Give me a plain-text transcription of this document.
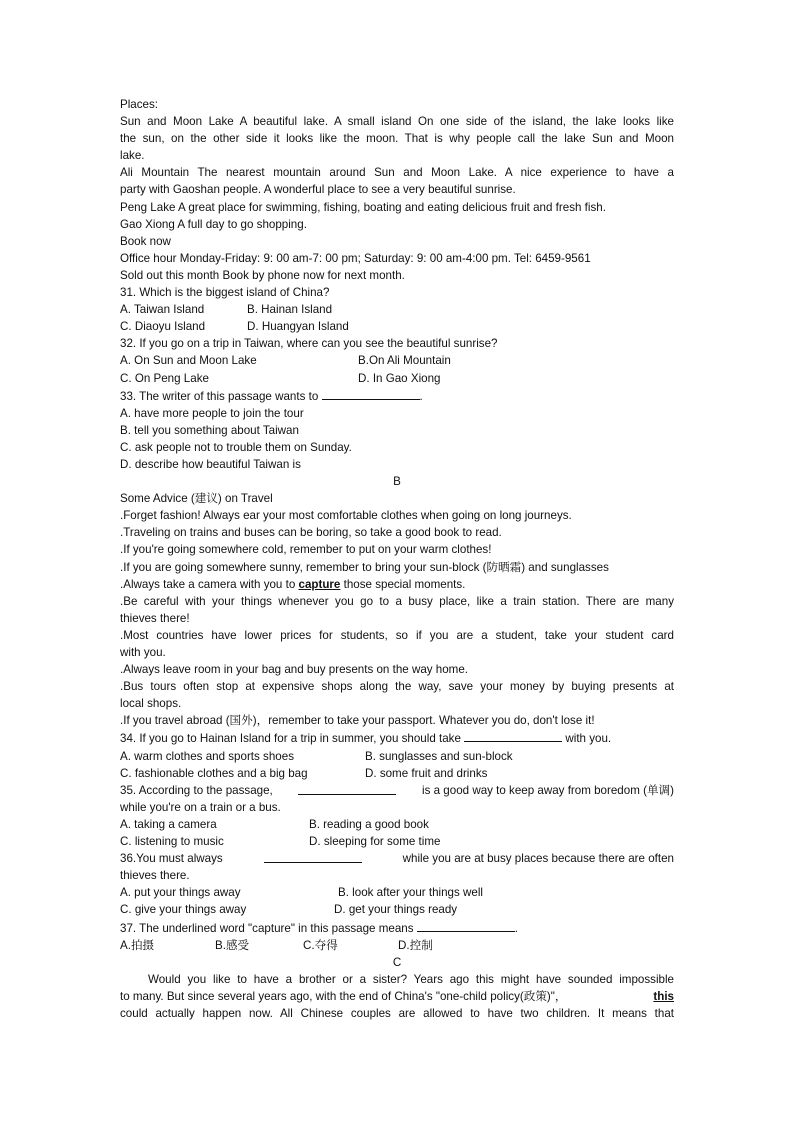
Places:
Sun and Moon Lake A beautiful lake. A small island On one side of the island, the lake looks like
the sun, on the other side it looks like the moon. That is why people call the lake Sun and Moon
lake.
Ali Mountain The nearest mountain around Sun and Moon Lake. A nice experience to have a
party with Gaoshan people. A wonderful place to see a very beautiful sunrise.
Peng Lake A great place for swimming, fishing, boating and eating delicious fruit and fresh fish.
Gao Xiong A full day to go shopping.
Book now
Office hour Monday-Friday: 9: 00 am-7: 00 pm; Saturday: 9: 00 am-4:00 pm. Tel: 6459-9561
Sold out this month Book by phone now for next month.
31. Which is the biggest island of China?
A. Taiwan Island	B. Hainan Island
C. Diaoyu Island	D. Huangyan Island
32. If you go on a trip in Taiwan, where can you see the beautiful sunrise?
A. On Sun and Moon Lake	B.On Ali Mountain
C. On Peng Lake	D. In Gao Xiong
33. The writer of this passage wants to	.
A. have more people to join the tour
B. tell you something about Taiwan
C. ask people not to trouble them on Sunday.
D. describe how beautiful Taiwan is
B
Some Advice (建议) on Travel
.Forget fashion! Always ear your most comfortable clothes when going on long journeys.
.Traveling on trains and buses can be boring, so take a good book to read.
.If you're going somewhere cold, remember to put on your warm clothes!
.If you are going somewhere sunny, remember to bring your sun-block (防晒霜) and sunglasses
.Always take a camera with you to capture those special moments.
.Be careful with your things whenever you go to a busy place, like a train station. There are many
thieves there!
.Most countries have lower prices for students, so if you are a student, take your student card
with you.
.Always leave room in your bag and buy presents on the way home.
.Bus tours often stop at expensive shops along the way, save your money by buying presents at
local shops.
.If you travel abroad (国外)，remember to take your passport. Whatever you do, don't lose it!
34. If you go to Hainan Island for a trip in summer, you should take	with you.
A. warm clothes and sports shoes	B. sunglasses and sun-block
C. fashionable clothes and a big bag	D. some fruit and drinks
35. According to the passage,	is a good way to keep away from boredom (单调)
while you're on a train or a bus.
A. taking a camera	B. reading a good book
C. listening to music	D. sleeping for some time
36.You must always	while you are at busy places because there are often
thieves there.
A. put your things away	B. look after your things well
C. give your things away	D. get your things ready
37. The underlined word "capture" in this passage means	.
A.拍摄	B.感受	C.夺得	D.控制
C
Would you like to have a brother or a sister? Years ago this might have sounded impossible
to many. But since several years ago, with the end of China's "one-child policy(政策)"，	this
could actually happen now. All Chinese couples are allowed to have two children. It means that
